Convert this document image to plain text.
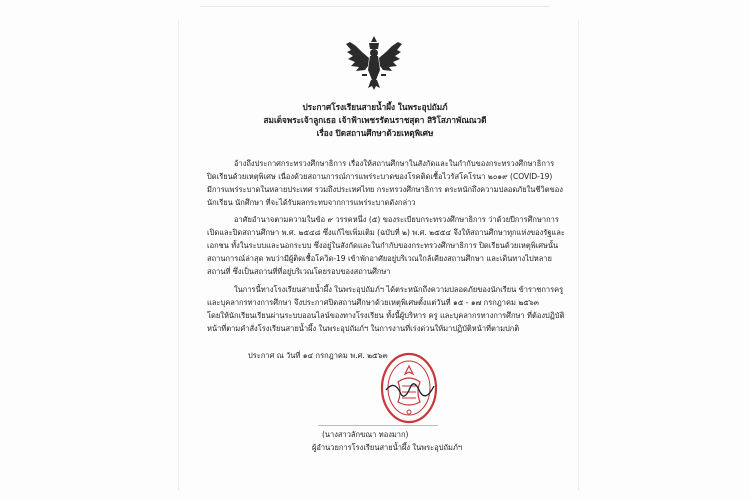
ประกาศโรงเรียนสายน้ำผึ้ง ในพระอุปถัมภ์
สมเด็จพระเจ้าลูกเธอ เจ้าฟ้าเพชรรัตนราชสุดา สิริโสภาพัณณวดี
เรื่อง ปิดสถานศึกษาด้วยเหตุพิเศษ
อ้างถึงประกาศกระทรวงศึกษาธิการ เรื่องให้สถานศึกษาในสังกัดและในกำกับของกระทรวงศึกษาธิการ
ปิดเรียนด้วยเหตุพิเศษ เนื่องด้วยสถานการณ์การแพร่ระบาดของโรคติดเชื้อไวรัสโคโรนา ๒๐๑๙ (COVID-19)
มีการแพร่ระบาดในหลายประเทศ รวมถึงประเทศไทย กระทรวงศึกษาธิการ ตระหนักถึงความปลอดภัยในชีวิตของ
นักเรียน นักศึกษา ที่จะได้รับผลกระทบจากการแพร่ระบาดดังกล่าว
อาศัยอำนาจตามความในข้อ ๙ วรรคหนึ่ง (๕) ของระเบียบกระทรวงศึกษาธิการ ว่าด้วยปีการศึกษาการ
เปิดและปิดสถานศึกษา พ.ศ. ๒๕๔๘ ซึ่งแก้ไขเพิ่มเติม (ฉบับที่ ๒) พ.ศ. ๒๕๕๔ จึงให้สถานศึกษาทุกแห่งของรัฐและ
เอกชน ทั้งในระบบและนอกระบบ ซึ่งอยู่ในสังกัดและในกำกับของกระทรวงศึกษาธิการ ปิดเรียนด้วยเหตุพิเศษนั้น
สถานการณ์ล่าสุด พบว่ามีผู้ติดเชื้อโควิด-19 เข้าพักอาศัยอยู่บริเวณใกล้เคียงสถานศึกษา และเดินทางไปหลาย
สถานที่ ซึ่งเป็นสถานที่ที่อยู่บริเวณโดยรอบของสถานศึกษา
ในการนี้ทางโรงเรียนสายน้ำผึ้ง ในพระอุปถัมภ์ฯ ได้ตระหนักถึงความปลอดภัยของนักเรียน ข้าราชการครู
และบุคลากรทางการศึกษา จึงประกาศปิดสถานศึกษาด้วยเหตุพิเศษตั้งแต่วันที่ ๑๕ - ๑๗ กรกฎาคม ๒๕๖๓
โดยให้นักเรียนเรียนผ่านระบบออนไลน์ของทางโรงเรียน ทั้งนี้ผู้บริหาร ครู และบุคลากรทางการศึกษา ที่ต้องปฏิบัติ
หน้าที่ตามคำสั่งโรงเรียนสายน้ำผึ้ง ในพระอุปถัมภ์ฯ ในการงานที่เร่งด่วนให้มาปฏิบัติหน้าที่ตามปกติ
ประกาศ ณ วันที่ ๑๔ กรกฎาคม พ.ศ. ๒๕๖๓
(นางสาวลักขณา ทองมาก)
ผู้อำนวยการโรงเรียนสายน้ำผึ้ง ในพระอุปถัมภ์ฯ
